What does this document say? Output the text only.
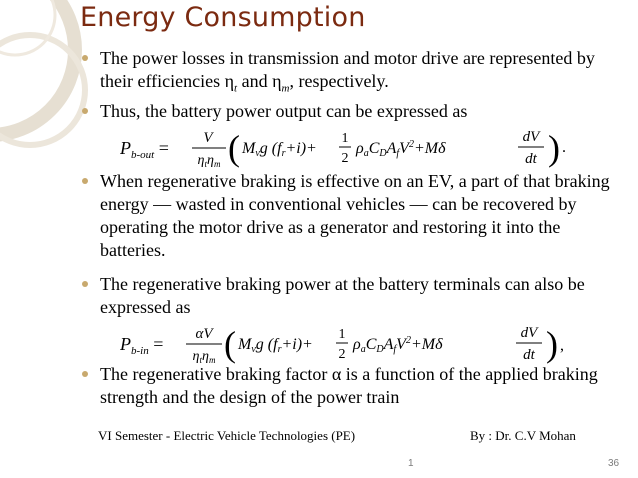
Energy Consumption
The power losses in transmission and motor drive are represented by their efficiencies $\eta_t$ and $\eta_m$, respectively.
Thus, the battery power output can be expressed as
$P_{b-out} = V$
$\eta_t\eta_m$ ( Mvg (fr+i)+
1
2
ρaCDAfV$^2$+Mδ
dV
dt ) .
When regenerative braking is effective on an EV, a part of that braking energy — wasted in conventional vehicles — can be recovered by operating the motor drive as a generator and restoring it into the batteries.
The regenerative braking power at the battery terminals can also be expressed as
$P_{b-in} = \alpha V$
$\eta_t\eta_m$ ( Mvg (fr+i)+
1
2
ρaCDAfV$^2$+Mδ
dV
dt ) ,
The regenerative braking factor α is a function of the applied braking strength and the design of the power train
VI Semester - Electric Vehicle Technologies (PE)	By : Dr. C.V Mohan
1	36
